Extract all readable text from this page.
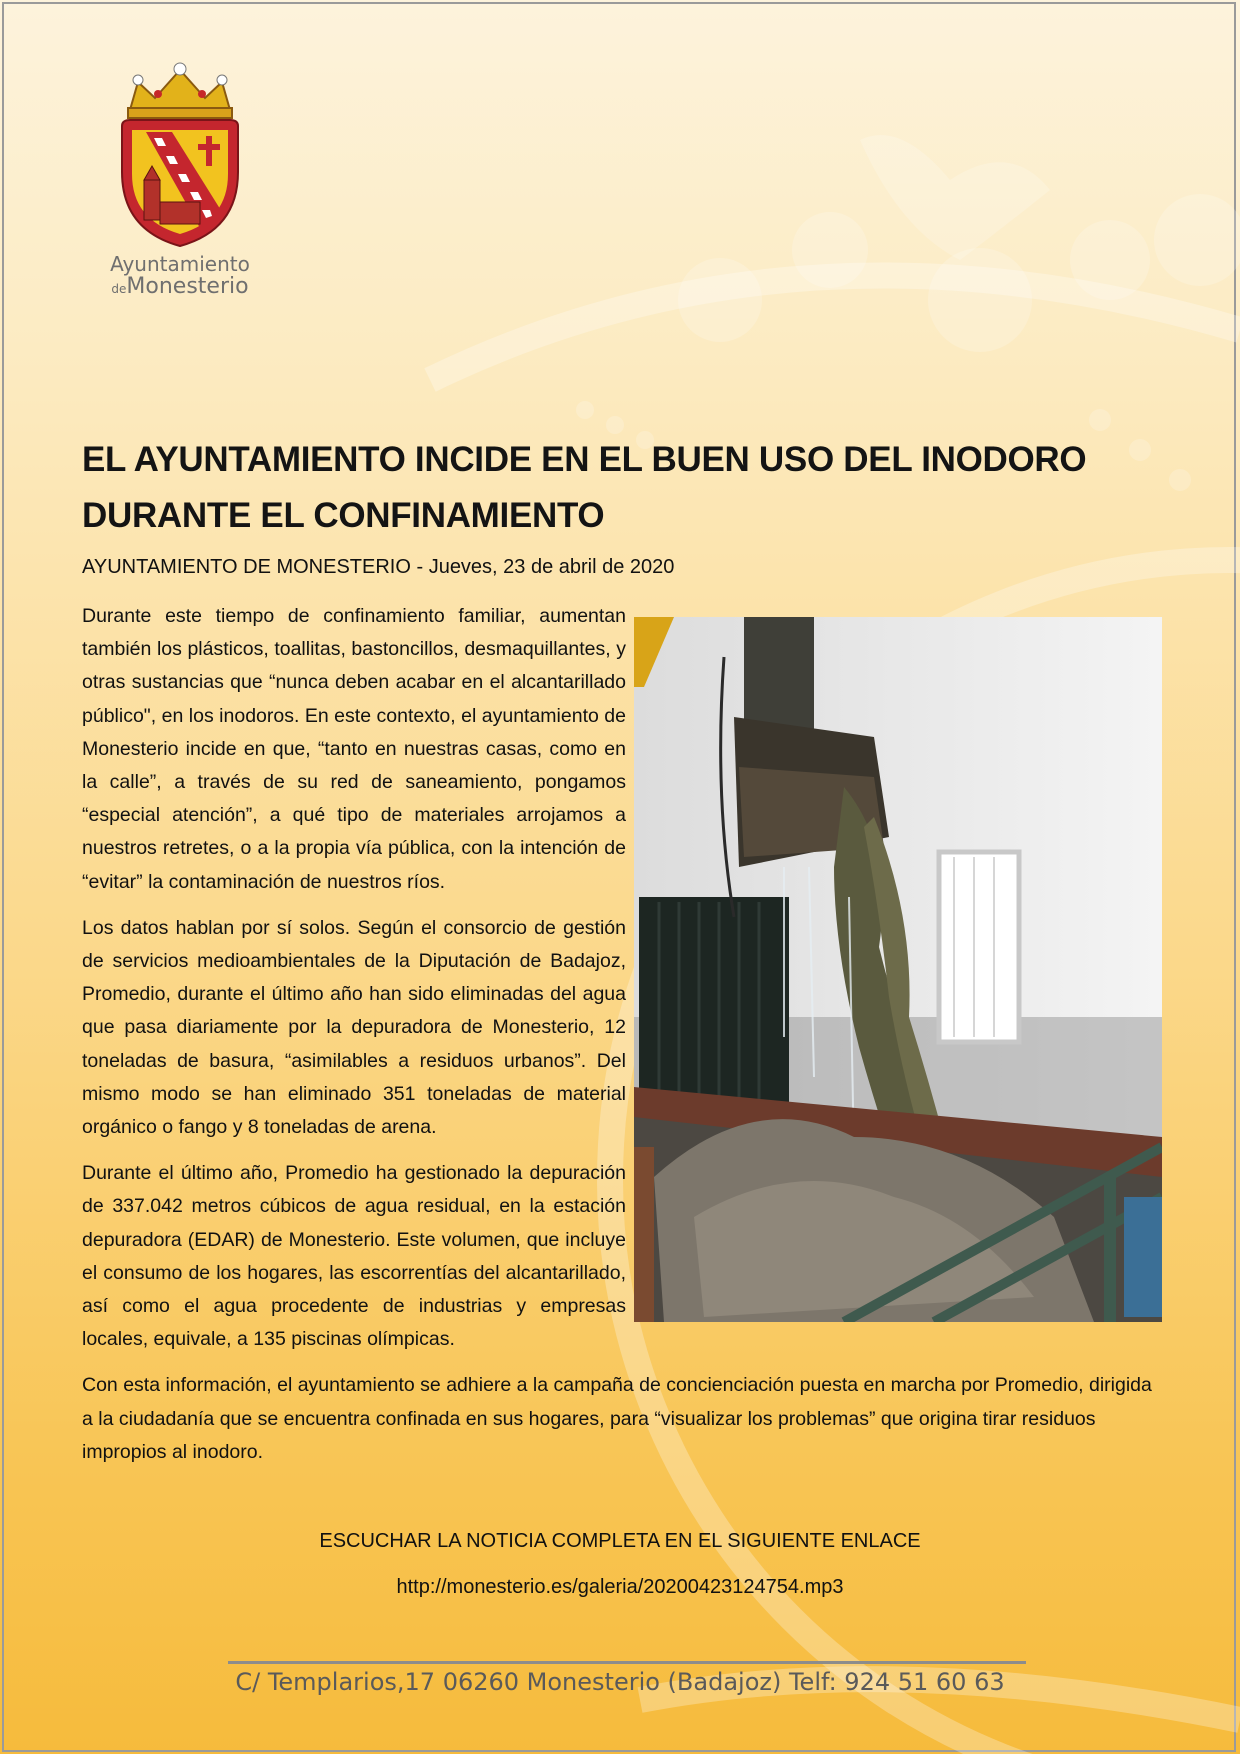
Ayuntamiento
deMonesterio
EL AYUNTAMIENTO INCIDE EN EL BUEN USO DEL INODORO DURANTE EL CONFINAMIENTO
AYUNTAMIENTO DE MONESTERIO - Jueves, 23 de abril de 2020

Durante este tiempo de confinamiento familiar, aumentan también los plásticos, toallitas, bastoncillos, desmaquillantes, y otras sustancias que “nunca deben acabar en el alcantarillado público", en los inodoros. En este contexto, el ayuntamiento de Monesterio incide en que, “tanto en nuestras casas, como en la calle”, a través de su red de saneamiento, pongamos “especial atención”, a qué tipo de materiales arrojamos a nuestros retretes, o a la propia vía pública, con la intención de “evitar” la contaminación de nuestros ríos.

Los datos hablan por sí solos. Según el consorcio de gestión de servicios medioambientales de la Diputación de Badajoz, Promedio, durante el último año han sido eliminadas del agua que pasa diariamente por la depuradora de Monesterio, 12 toneladas de basura, “asimilables a residuos urbanos”. Del mismo modo se han eliminado 351 toneladas de material orgánico o fango y 8 toneladas de arena.

Durante el último año, Promedio ha gestionado la depuración de 337.042 metros cúbicos de agua residual, en la estación depuradora (EDAR) de Monesterio. Este volumen, que incluye el consumo de los hogares, las escorrentías del alcantarillado, así como el agua procedente de industrias y empresas locales, equivale, a 135 piscinas olímpicas.

Con esta información, el ayuntamiento se adhiere a la campaña de concienciación puesta en marcha por Promedio, dirigida a la ciudadanía que se encuentra confinada en sus hogares, para “visualizar los problemas” que origina tirar residuos impropios al inodoro.

ESCUCHAR LA NOTICIA COMPLETA EN EL SIGUIENTE ENLACE
http://monesterio.es/galeria/20200423124754.mp3
C/ Templarios,17 06260 Monesterio (Badajoz) Telf: 924 51 60 63
